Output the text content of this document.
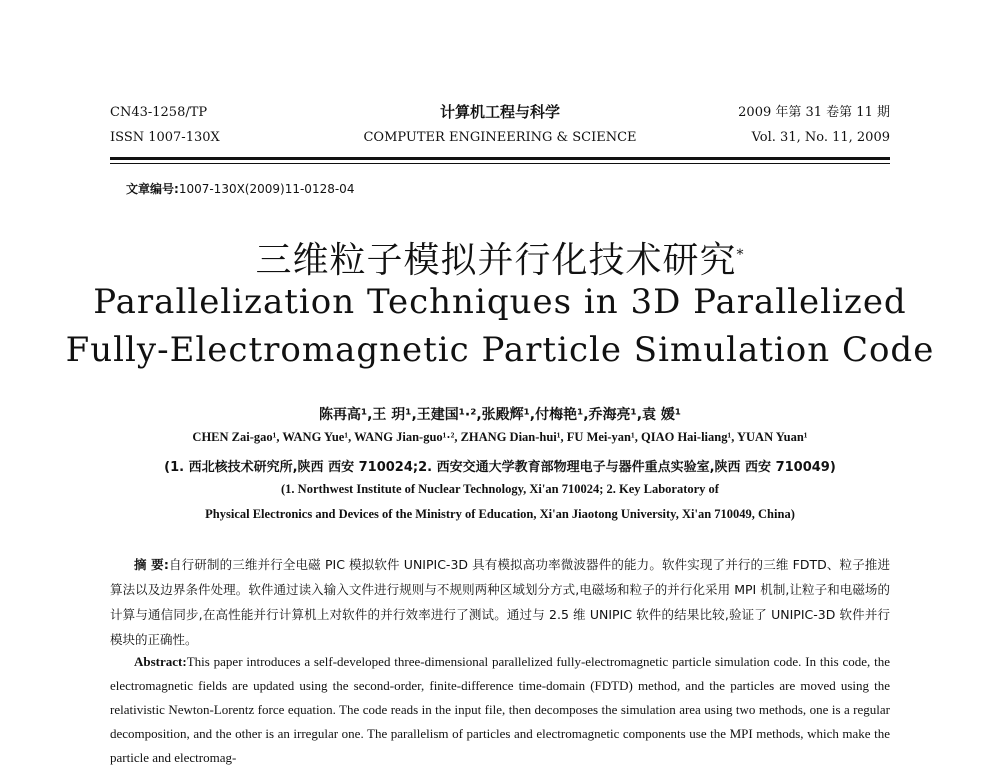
CN43-1258/TP
ISSN 1007-130X
计算机工程与科学
COMPUTER ENGINEERING & SCIENCE
2009 年第 31 卷第 11 期
Vol. 31, No. 11, 2009
文章编号:1007-130X(2009)11-0128-04
三维粒子模拟并行化技术研究*
Parallelization Techniques in 3D Parallelized Fully-Electromagnetic Particle Simulation Code
陈再高¹,王 玥¹,王建国¹·²,张殿辉¹,付梅艳¹,乔海亮¹,袁 媛¹
CHEN Zai-gao¹, WANG Yue¹, WANG Jian-guo¹·², ZHANG Dian-hui¹, FU Mei-yan¹, QIAO Hai-liang¹, YUAN Yuan¹
(1. 西北核技术研究所,陕西 西安 710024;2. 西安交通大学教育部物理电子与器件重点实验室,陕西 西安 710049)
(1. Northwest Institute of Nuclear Technology, Xi'an 710024; 2. Key Laboratory of
Physical Electronics and Devices of the Ministry of Education, Xi'an Jiaotong University, Xi'an 710049, China)
摘 要:自行研制的三维并行全电磁 PIC 模拟软件 UNIPIC-3D 具有模拟高功率微波器件的能力。软件实现了并行的三维 FDTD、粒子推进算法以及边界条件处理。软件通过读入输入文件进行规则与不规则两种区域划分方式,电磁场和粒子的并行化采用 MPI 机制,让粒子和电磁场的计算与通信同步,在高性能并行计算机上对软件的并行效率进行了测试。通过与 2.5 维 UNIPIC 软件的结果比较,验证了 UNIPIC-3D 软件并行模块的正确性。
Abstract:This paper introduces a self-developed three-dimensional parallelized fully-electromagnetic particle simulation code. In this code, the electromagnetic fields are updated using the second-order, finite-difference time-domain (FDTD) method, and the particles are moved using the relativistic Newton-Lorentz force equation. The code reads in the input file, then decomposes the simulation area using two methods, one is a regular decomposition, and the other is an irregular one. The parallelism of particles and electromagnetic components use the MPI methods, which make the particle and electromag-
